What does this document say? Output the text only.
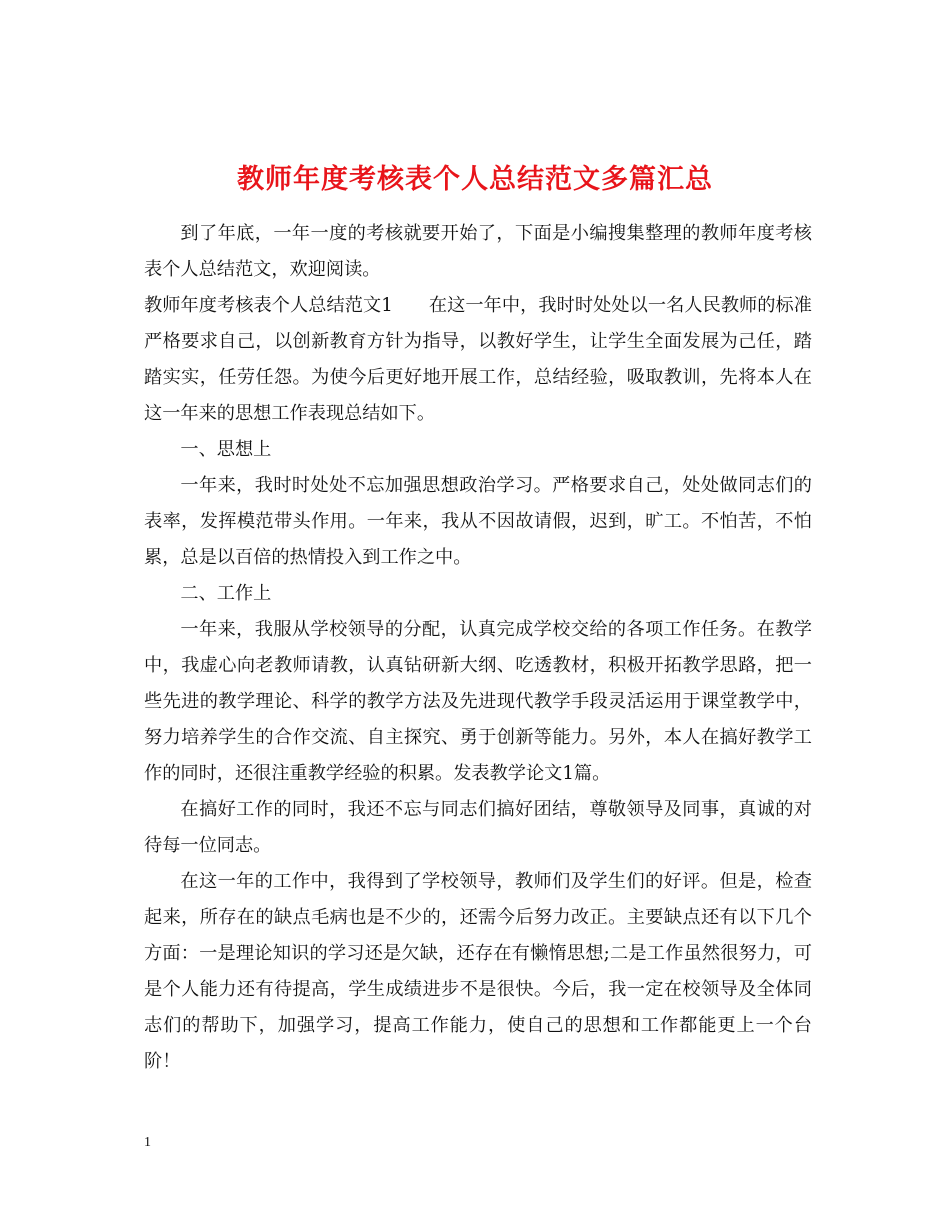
教师年度考核表个人总结范文多篇汇总

到了年底，一年一度的考核就要开始了，下面是小编搜集整理的教师年度考核表个人总结范文，欢迎阅读。

教师年度考核表个人总结范文1 在这一年中，我时时处处以一名人民教师的标准严格要求自己，以创新教育方针为指导，以教好学生，让学生全面发展为己任，踏踏实实，任劳任怨。为使今后更好地开展工作，总结经验，吸取教训，先将本人在这一年来的思想工作表现总结如下。

一、思想上

一年来，我时时处处不忘加强思想政治学习。严格要求自己，处处做同志们的表率，发挥模范带头作用。一年来，我从不因故请假，迟到，旷工。不怕苦，不怕累，总是以百倍的热情投入到工作之中。

二、工作上

一年来，我服从学校领导的分配，认真完成学校交给的各项工作任务。在教学中，我虚心向老教师请教，认真钻研新大纲、吃透教材，积极开拓教学思路，把一些先进的教学理论、科学的教学方法及先进现代教学手段灵活运用于课堂教学中，努力培养学生的合作交流、自主探究、勇于创新等能力。另外，本人在搞好教学工作的同时，还很注重教学经验的积累。发表教学论文1篇。

在搞好工作的同时，我还不忘与同志们搞好团结，尊敬领导及同事，真诚的对待每一位同志。

在这一年的工作中，我得到了学校领导，教师们及学生们的好评。但是，检查起来，所存在的缺点毛病也是不少的，还需今后努力改正。主要缺点还有以下几个方面：一是理论知识的学习还是欠缺，还存在有懒惰思想;二是工作虽然很努力，可是个人能力还有待提高，学生成绩进步不是很快。今后，我一定在校领导及全体同志们的帮助下，加强学习，提高工作能力，使自己的思想和工作都能更上一个台阶！

1
